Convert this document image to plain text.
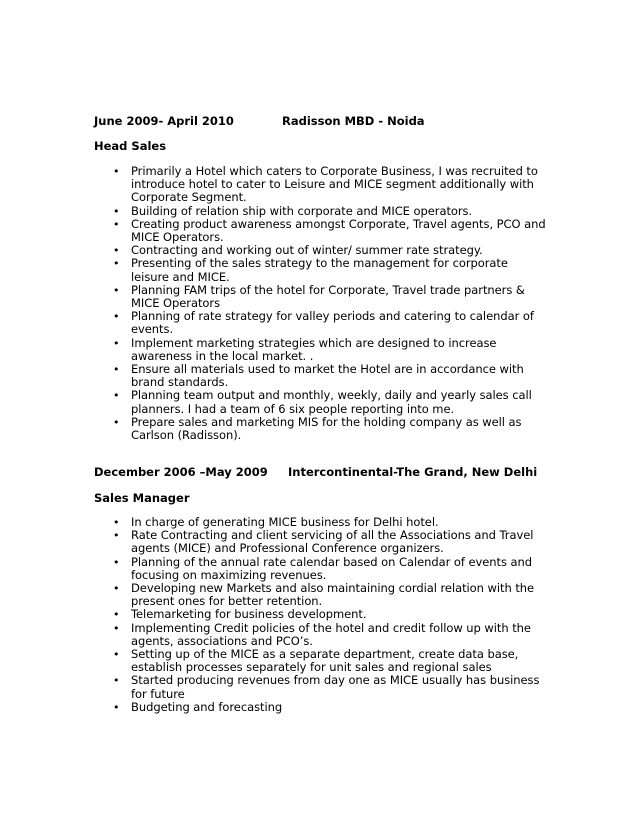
June 2009- April 2010	Radisson MBD - Noida
Head Sales
• Primarily a Hotel which caters to Corporate Business, I was recruited to introduce hotel to cater to Leisure and MICE segment additionally with Corporate Segment.
• Building of relation ship with corporate and MICE operators.
• Creating product awareness amongst Corporate, Travel agents, PCO and MICE Operators.
• Contracting and working out of winter/ summer rate strategy.
• Presenting of the sales strategy to the management for corporate leisure and MICE.
• Planning FAM trips of the hotel for Corporate, Travel trade partners & MICE Operators
• Planning of rate strategy for valley periods and catering to calendar of events.
• Implement marketing strategies which are designed to increase awareness in the local market. .
• Ensure all materials used to market the Hotel are in accordance with brand standards.
• Planning team output and monthly, weekly, daily and yearly sales call planners. I had a team of 6 six people reporting into me.
• Prepare sales and marketing MIS for the holding company as well as Carlson (Radisson).
December 2006 –May 2009 Intercontinental-The Grand, New Delhi
Sales Manager
• In charge of generating MICE business for Delhi hotel.
• Rate Contracting and client servicing of all the Associations and Travel agents (MICE) and Professional Conference organizers.
• Planning of the annual rate calendar based on Calendar of events and focusing on maximizing revenues.
• Developing new Markets and also maintaining cordial relation with the present ones for better retention.
• Telemarketing for business development.
• Implementing Credit policies of the hotel and credit follow up with the agents, associations and PCO’s.
• Setting up of the MICE as a separate department, create data base, establish processes separately for unit sales and regional sales
• Started producing revenues from day one as MICE usually has business for future
• Budgeting and forecasting
